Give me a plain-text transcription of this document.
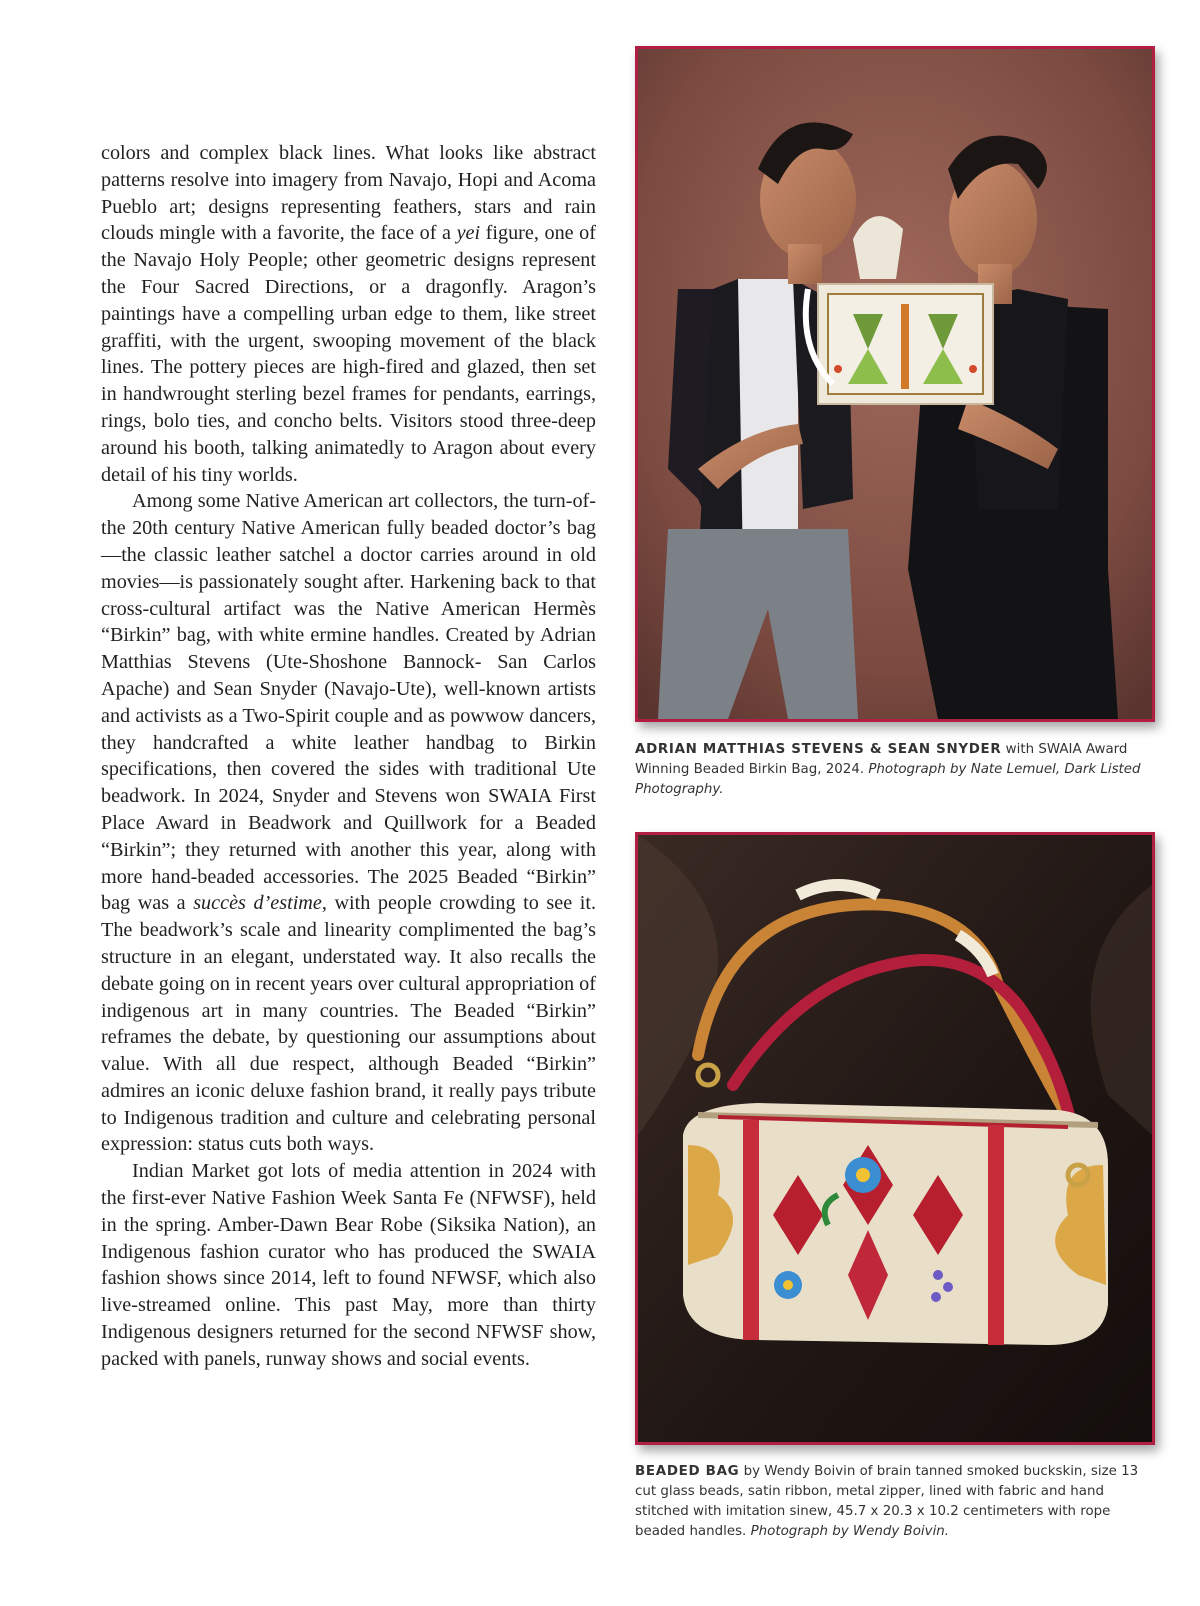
colors and complex black lines. What looks like abstract patterns resolve into imagery from Navajo, Hopi and Acoma Pueblo art; designs representing feathers, stars and rain clouds mingle with a favorite, the face of a yei figure, one of the Navajo Holy People; other geometric designs represent the Four Sacred Directions, or a dragonfly. Aragon’s paintings have a compelling urban edge to them, like street graffiti, with the urgent, swooping movement of the black lines. The pottery pieces are high-fired and glazed, then set in handwrought sterling bezel frames for pendants, earrings, rings, bolo ties, and concho belts. Visitors stood three-deep around his booth, talking animatedly to Aragon about every detail of his tiny worlds.

Among some Native American art collectors, the turn-of-the 20th century Native American fully beaded doctor’s bag—the classic leather satchel a doctor carries around in old movies—is passionately sought after. Harkening back to that cross-cultural artifact was the Native American Hermès “Birkin” bag, with white ermine handles. Created by Adrian Matthias Stevens (Ute-Shoshone Bannock- San Carlos Apache) and Sean Snyder (Navajo-Ute), well-known artists and activists as a Two-Spirit couple and as powwow dancers, they handcrafted a white leather handbag to Birkin specifications, then covered the sides with traditional Ute beadwork. In 2024, Snyder and Stevens won SWAIA First Place Award in Beadwork and Quillwork for a Beaded “Birkin”; they returned with another this year, along with more hand-beaded accessories. The 2025 Beaded “Birkin” bag was a succès d’estime, with people crowding to see it. The beadwork’s scale and linearity complimented the bag’s structure in an elegant, understated way. It also recalls the debate going on in recent years over cultural appropriation of indigenous art in many countries. The Beaded “Birkin” reframes the debate, by questioning our assumptions about value. With all due respect, although Beaded “Birkin” admires an iconic deluxe fashion brand, it really pays tribute to Indigenous tradition and culture and celebrating personal expression: status cuts both ways.

Indian Market got lots of media attention in 2024 with the first-ever Native Fashion Week Santa Fe (NFWSF), held in the spring. Amber-Dawn Bear Robe (Siksika Nation), an Indigenous fashion curator who has produced the SWAIA fashion shows since 2014, left to found NFWSF, which also live-streamed online. This past May, more than thirty Indigenous designers returned for the second NFWSF show, packed with panels, runway shows and social events.

ADRIAN MATTHIAS STEVENS & SEAN SNYDER with SWAIA Award Winning Beaded Birkin Bag, 2024. Photograph by Nate Lemuel, Dark Listed Photography.
BEADED BAG by Wendy Boivin of brain tanned smoked buckskin, size 13 cut glass beads, satin ribbon, metal zipper, lined with fabric and hand stitched with imitation sinew, 45.7 x 20.3 x 10.2 centimeters with rope beaded handles. Photograph by Wendy Boivin.
